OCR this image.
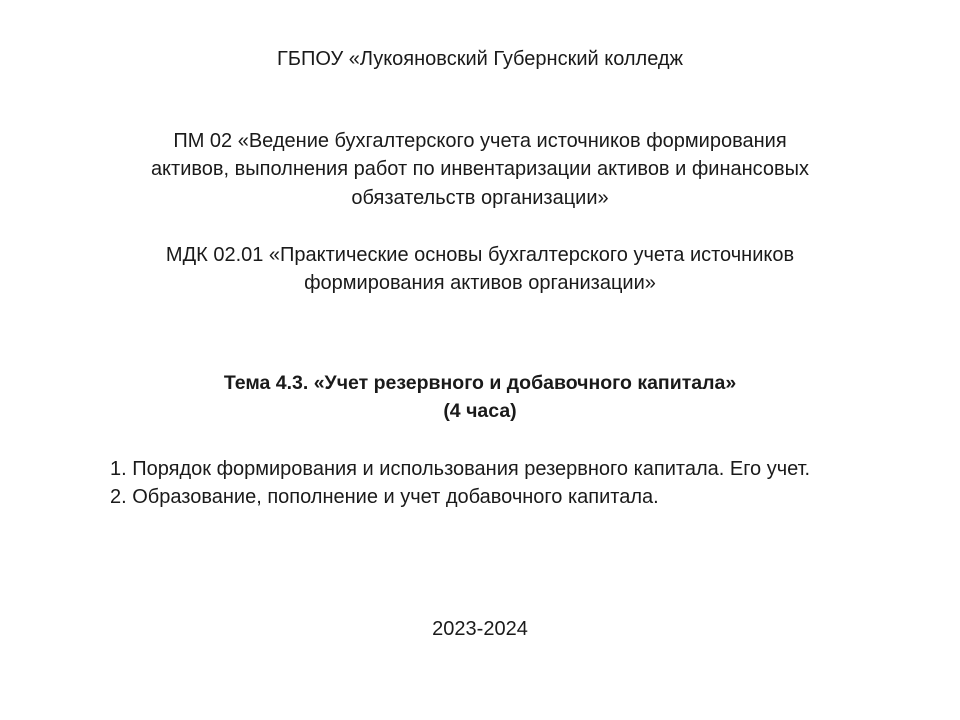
ГБПОУ «Лукояновский Губернский колледж
ПМ 02 «Ведение бухгалтерского учета источников формирования
активов, выполнения работ по инвентаризации активов и финансовых
обязательств организации»
МДК 02.01 «Практические основы бухгалтерского учета источников
формирования активов организации»
Тема 4.3. «Учет резервного и добавочного капитала»
(4 часа)

1. Порядок формирования и использования резервного капитала. Его учет.

2. Образование, пополнение и учет добавочного капитала.

2023-2024
